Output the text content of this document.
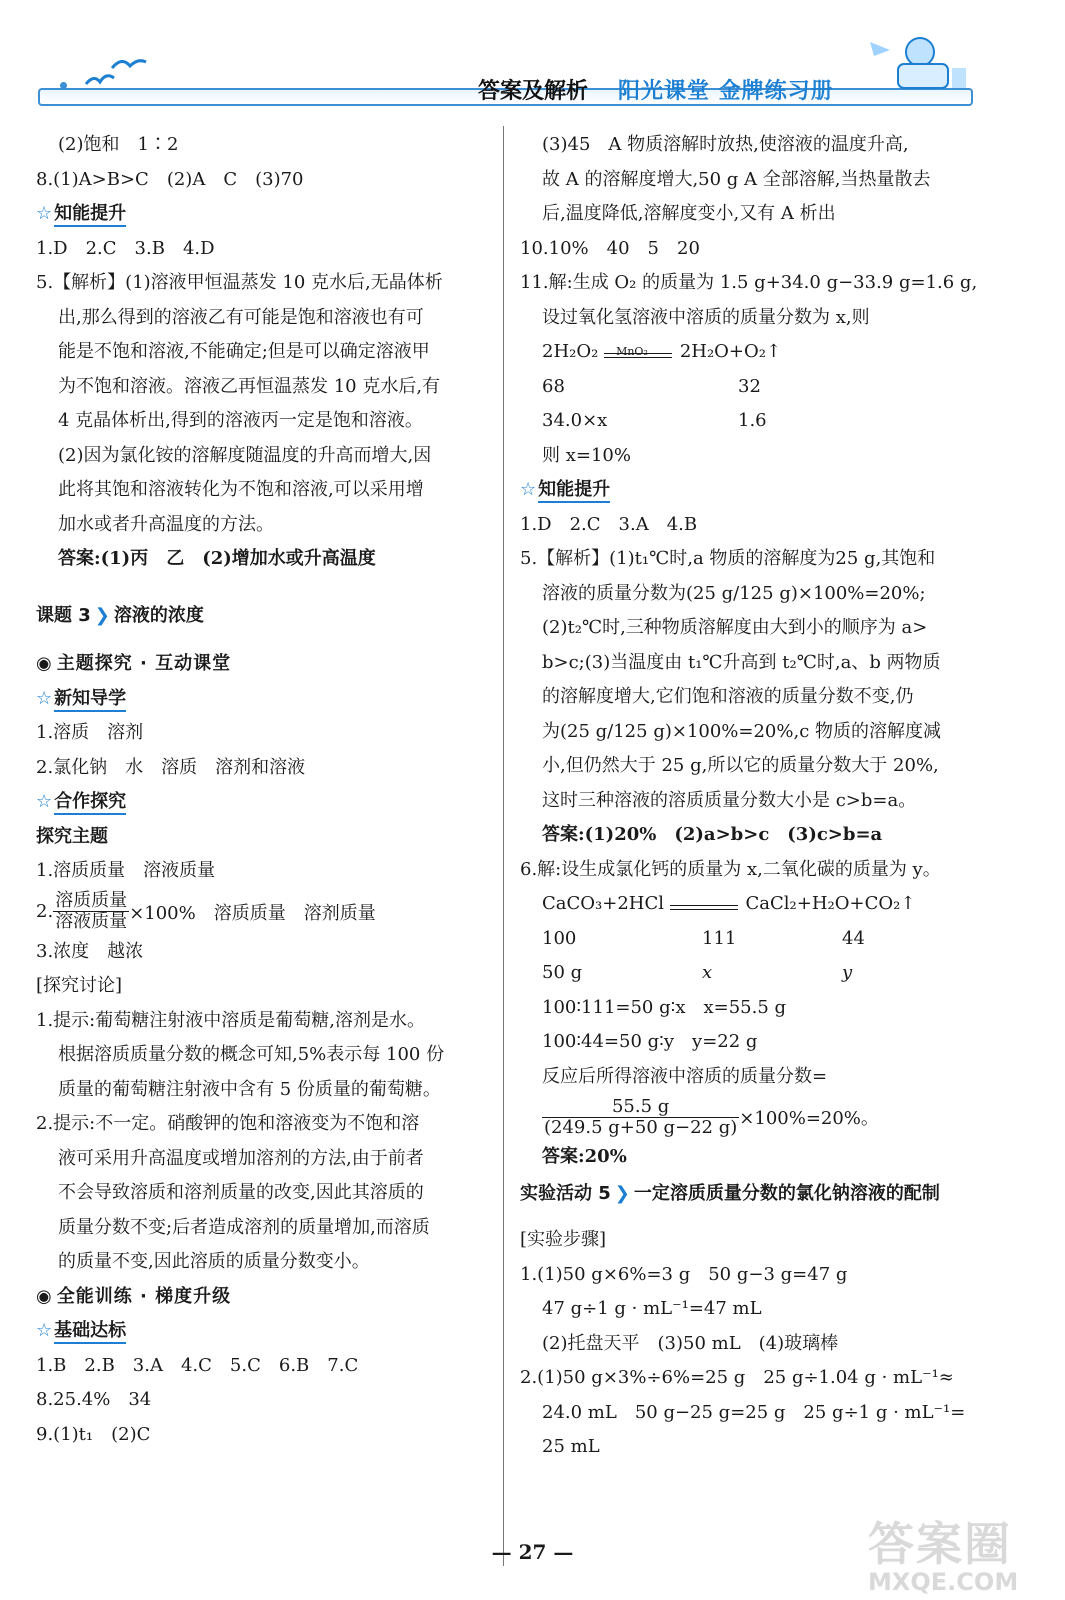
答案及解析 阳光课堂 金牌练习册
(2)饱和　1∶2
8.(1)A>B>C　(2)A　C　(3)70
☆ 知能提升
1.D　2.C　3.B　4.D
5.【解析】(1)溶液甲恒温蒸发 10 克水后,无晶体析
出,那么得到的溶液乙有可能是饱和溶液也有可
能是不饱和溶液,不能确定;但是可以确定溶液甲
为不饱和溶液。溶液乙再恒温蒸发 10 克水后,有
4 克晶体析出,得到的溶液丙一定是饱和溶液。
(2)因为氯化铵的溶解度随温度的升高而增大,因
此将其饱和溶液转化为不饱和溶液,可以采用增
加水或者升高温度的方法。
答案:(1)丙　乙　(2)增加水或升高温度
课题 3 ❯ 溶液的浓度
◉ 主题探究 · 互动课堂
☆ 新知导学
1.溶质　溶剂
2.氯化钠　水　溶质　溶剂和溶液
☆ 合作探究
探究主题
1.溶质质量　溶液质量
2. $\frac{\text{溶质质量}}{\text{溶液质量}} \times 100\%$　溶质质量　溶剂质量
3.浓度　越浓
[探究讨论]
1.提示:葡萄糖注射液中溶质是葡萄糖,溶剂是水。
根据溶质质量分数的概念可知,5%表示每 100 份
质量的葡萄糖注射液中含有 5 份质量的葡萄糖。
2.提示:不一定。硝酸钾的饱和溶液变为不饱和溶
液可采用升高温度或增加溶剂的方法,由于前者
不会导致溶质和溶剂质量的改变,因此其溶质的
质量分数不变;后者造成溶剂的质量增加,而溶质
的质量不变,因此溶质的质量分数变小。
◉ 全能训练 · 梯度升级
☆ 基础达标
1.B　2.B　3.A　4.C　5.C　6.B　7.C
8.25.4%　34
9.(1)t₁　(2)C
(3)45　A 物质溶解时放热,使溶液的温度升高,
故 A 的溶解度增大,50 g A 全部溶解,当热量散去
后,温度降低,溶解度变小,又有 A 析出
10.10%　40　5　20
11.解:生成 O₂ 的质量为 1.5 g+34.0 g−33.9 g=1.6 g,
设过氧化氢溶液中溶质的质量分数为 x,则
2H₂O₂ MnO₂ 2H₂O+O₂↑
68	32
34.0×x	1.6
则 x=10%
☆ 知能提升
1.D　2.C　3.A　4.B
5.【解析】(1)t₁℃时,a 物质的溶解度为25 g,其饱和
溶液的质量分数为(25 g/125 g)×100%=20%;
(2)t₂℃时,三种物质溶解度由大到小的顺序为 a>
b>c;(3)当温度由 t₁℃升高到 t₂℃时,a、b 两物质
的溶解度增大,它们饱和溶液的质量分数不变,仍
为(25 g/125 g)×100%=20%,c 物质的溶解度减
小,但仍然大于 25 g,所以它的质量分数大于 20%,
这时三种溶液的溶质质量分数大小是 c>b=a。
答案:(1)20%　(2)a>b>c　(3)c>b=a
6.解:设生成氯化钙的质量为 x,二氧化碳的质量为 y。
CaCO₃+2HCl	CaCl₂+H₂O+CO₂↑
100	111	44
50 g	x	y
100∶111=50 g∶x　x=55.5 g
100∶44=50 g∶y　y=22 g
反应后所得溶液中溶质的质量分数=
$\frac{55.5 g}{(249.5 g+50 g-22 g)} \times 100\%=20\%$。
答案:20%
实验活动 5 ❯ 一定溶质质量分数的氯化钠溶液的配制
[实验步骤]
1.(1)50 g×6%=3 g　50 g−3 g=47 g
47 g÷1 g · mL⁻¹=47 mL
(2)托盘天平　(3)50 mL　(4)玻璃棒
2.(1)50 g×3%÷6%=25 g　25 g÷1.04 g · mL⁻¹≈
24.0 mL　50 g−25 g=25 g　25 g÷1 g · mL⁻¹=
25 mL
— 27 —	答案圈
MXQE.COM
